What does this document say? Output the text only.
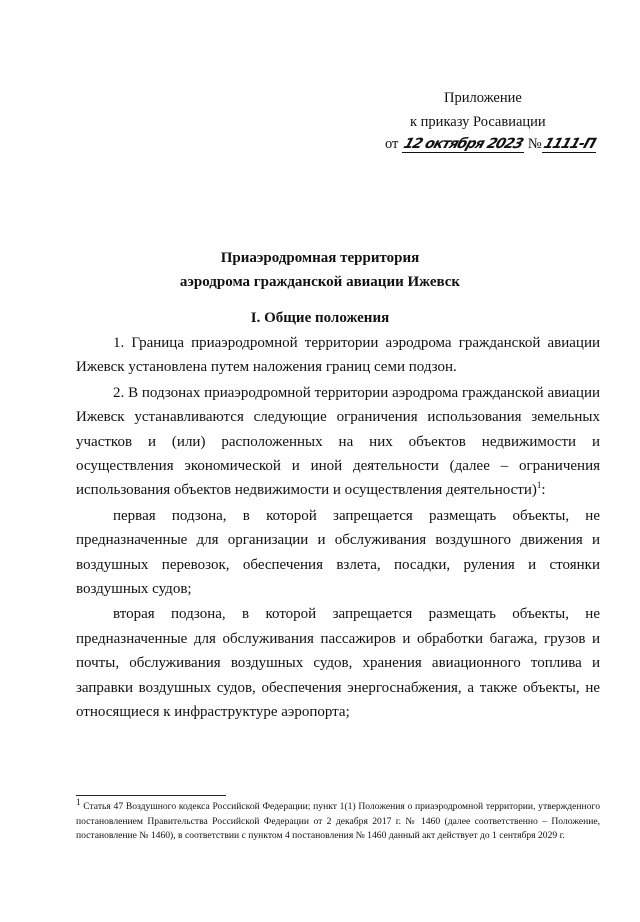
Приложение
к приказу Росавиации
от 12 октября 2023 №1111-П
Приаэродромная территория
аэродрома гражданской авиации Ижевск
I. Общие положения

1. Граница приаэродромной территории аэродрома гражданской авиации Ижевск установлена путем наложения границ семи подзон.

2. В подзонах приаэродромной территории аэродрома гражданской авиации Ижевск устанавливаются следующие ограничения использования земельных участков и (или) расположенных на них объектов недвижимости и осуществления экономической и иной деятельности (далее – ограничения использования объектов недвижимости и осуществления деятельности)$^1$:

первая подзона, в которой запрещается размещать объекты, не предназначенные для организации и обслуживания воздушного движения и воздушных перевозок, обеспечения взлета, посадки, руления и стоянки воздушных судов;

вторая подзона, в которой запрещается размещать объекты, не предназначенные для обслуживания пассажиров и обработки багажа, грузов и почты, обслуживания воздушных судов, хранения авиационного топлива и заправки воздушных судов, обеспечения энергоснабжения, а также объекты, не относящиеся к инфраструктуре аэропорта;

$^1$ Статья 47 Воздушного кодекса Российской Федерации; пункт 1(1) Положения о приаэродромной территории, утвержденного постановлением Правительства Российской Федерации от 2 декабря 2017 г. № 1460 (далее соответственно – Положение, постановление № 1460), в соответствии с пунктом 4 постановления № 1460 данный акт действует до 1 сентября 2029 г.
